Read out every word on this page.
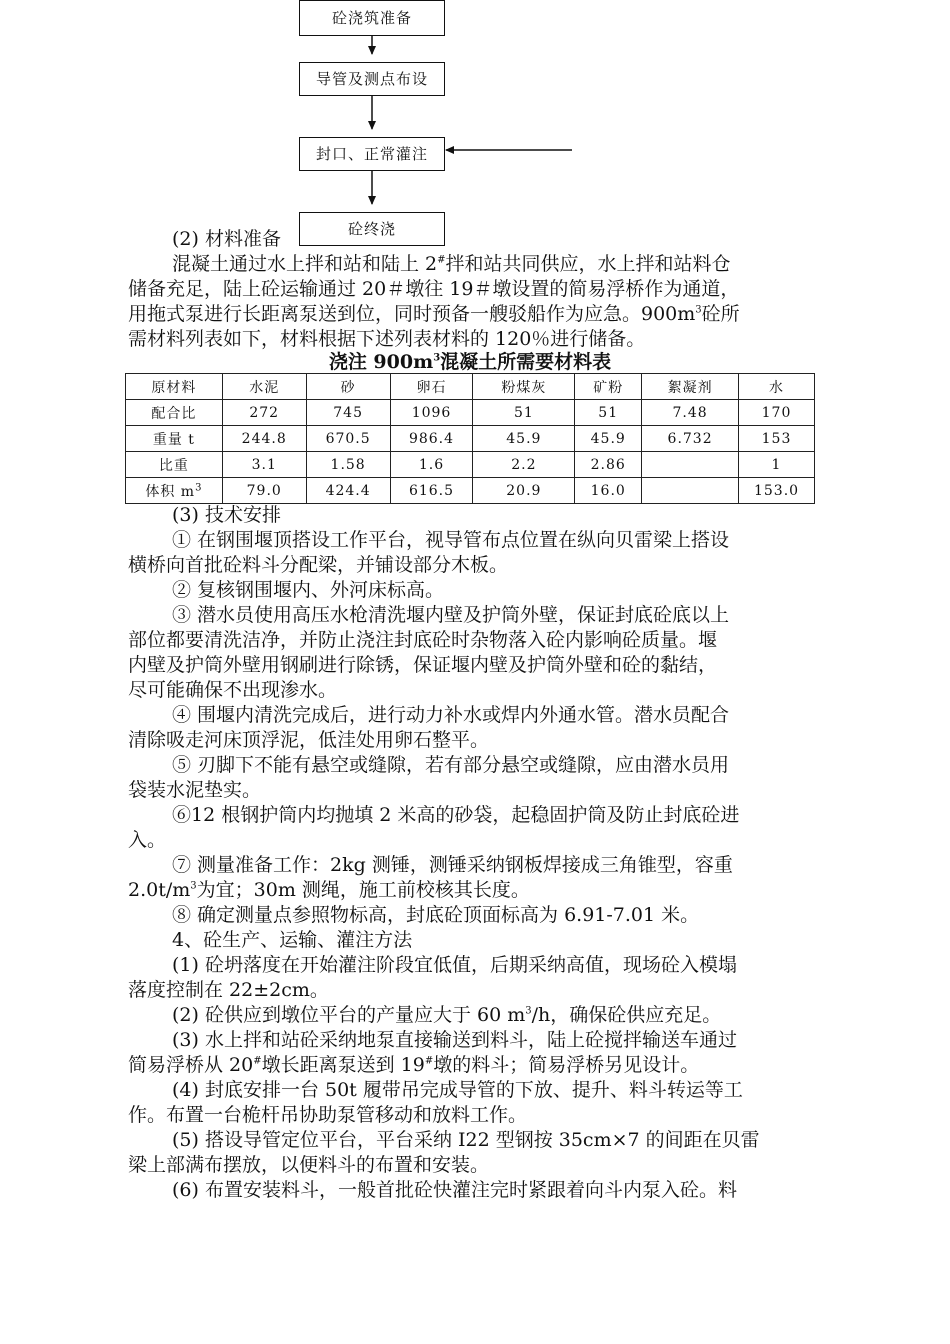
砼浇筑准备
导管及测点布设
封口、正常灌注
砼终浇
(2) 材料准备
混凝土通过水上拌和站和陆上 2#拌和站共同供应，水上拌和站料仓
储备充足，陆上砼运输通过 20＃墩往 19＃墩设置的简易浮桥作为通道，
用拖式泵进行长距离泵送到位，同时预备一艘驳船作为应急。$900m^3$砼所
需材料列表如下，材料根据下述列表材料的 120％进行储备。
浇注 $900m^3$混凝土所需要材料表
原材料	水泥	砂	卵石	粉煤灰	矿粉	絮凝剂	水
配合比	272	745	1096	51	51	7.48	170
重量 t	244.8	670.5	986.4	45.9	45.9	6.732	153
比重	3.1	1.58	1.6	2.2	2.86		1
体积 $m^3$	79.0	424.4	616.5	20.9	16.0		153.0
(3) 技术安排
① 在钢围堰顶搭设工作平台，视导管布点位置在纵向贝雷梁上搭设
横桥向首批砼料斗分配梁，并铺设部分木板。
② 复核钢围堰内、外河床标高。
③ 潜水员使用高压水枪清洗堰内壁及护筒外壁，保证封底砼底以上
部位都要清洗洁净，并防止浇注封底砼时杂物落入砼内影响砼质量。堰
内壁及护筒外壁用钢刷进行除锈，保证堰内壁及护筒外壁和砼的黏结，
尽可能确保不出现渗水。
④ 围堰内清洗完成后，进行动力补水或焊内外通水管。潜水员配合
清除吸走河床顶浮泥，低洼处用卵石整平。
⑤ 刃脚下不能有悬空或缝隙，若有部分悬空或缝隙，应由潜水员用
袋装水泥垫实。
⑥12 根钢护筒内均抛填 2 米高的砂袋，起稳固护筒及防止封底砼进
入。
⑦ 测量准备工作：2kg 测锤，测锤采纳钢板焊接成三角锥型，容重
$2.0t/m^3$为宜；30m 测绳，施工前校核其长度。
⑧ 确定测量点参照物标高，封底砼顶面标高为 6.91-7.01 米。
4、砼生产、运输、灌注方法
(1) 砼坍落度在开始灌注阶段宜低值，后期采纳高值，现场砼入模塌
落度控制在 22±2cm。
(2) 砼供应到墩位平台的产量应大于 60 $m^3/h$，确保砼供应充足。
(3) 水上拌和站砼采纳地泵直接输送到料斗，陆上砼搅拌输送车通过
简易浮桥从 20#墩长距离泵送到 19#墩的料斗；简易浮桥另见设计。
(4) 封底安排一台 50t 履带吊完成导管的下放、提升、料斗转运等工
作。布置一台桅杆吊协助泵管移动和放料工作。
(5) 搭设导管定位平台，平台采纳 I22 型钢按 35cm×7 的间距在贝雷
梁上部满布摆放，以便料斗的布置和安装。
(6) 布置安装料斗，一般首批砼快灌注完时紧跟着向斗内泵入砼。料
